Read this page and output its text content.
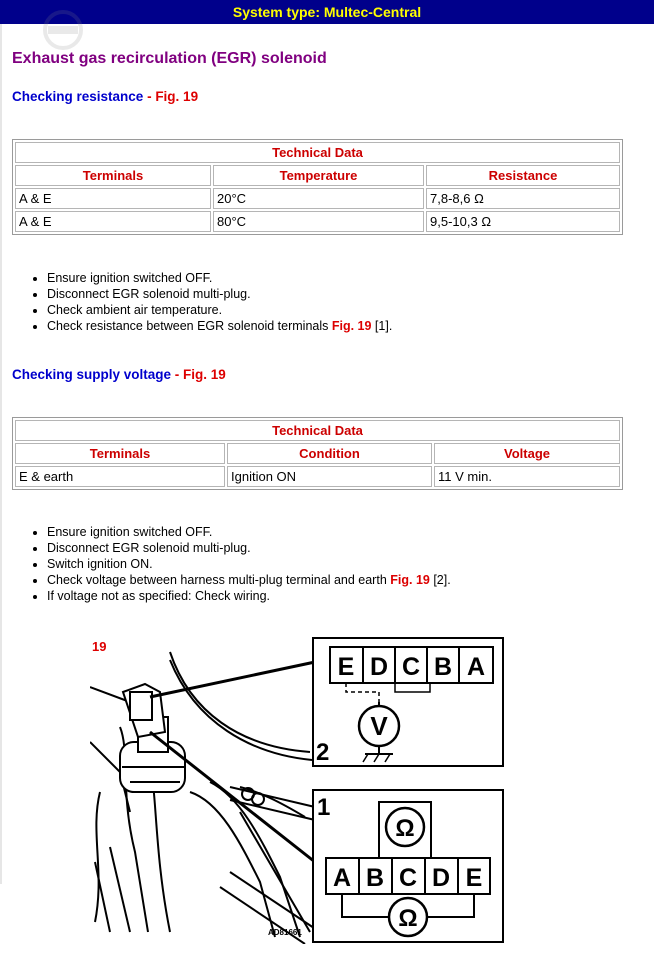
System type: Multec-Central
Exhaust gas recirculation (EGR) solenoid
Checking resistance - Fig. 19
Technical Data		
Terminals	Temperature	Resistance
A & E	20°C	7,8-8,6 Ω
A & E	80°C	9,5-10,3 Ω
• Ensure ignition switched OFF.
• Disconnect EGR solenoid multi-plug.
• Check ambient air temperature.
• Check resistance between EGR solenoid terminals Fig. 19 [1].
Checking supply voltage - Fig. 19
Technical Data		
Terminals	Condition	Voltage
E & earth	Ignition ON	11 V min.
• Ensure ignition switched OFF.
• Disconnect EGR solenoid multi-plug.
• Switch ignition ON.
• Check voltage between harness multi-plug terminal and earth Fig. 19 [2].
• If voltage not as specified: Check wiring.
19
2
E D C B A
V
1
Ω
A B C D E
Ω
AD81661
